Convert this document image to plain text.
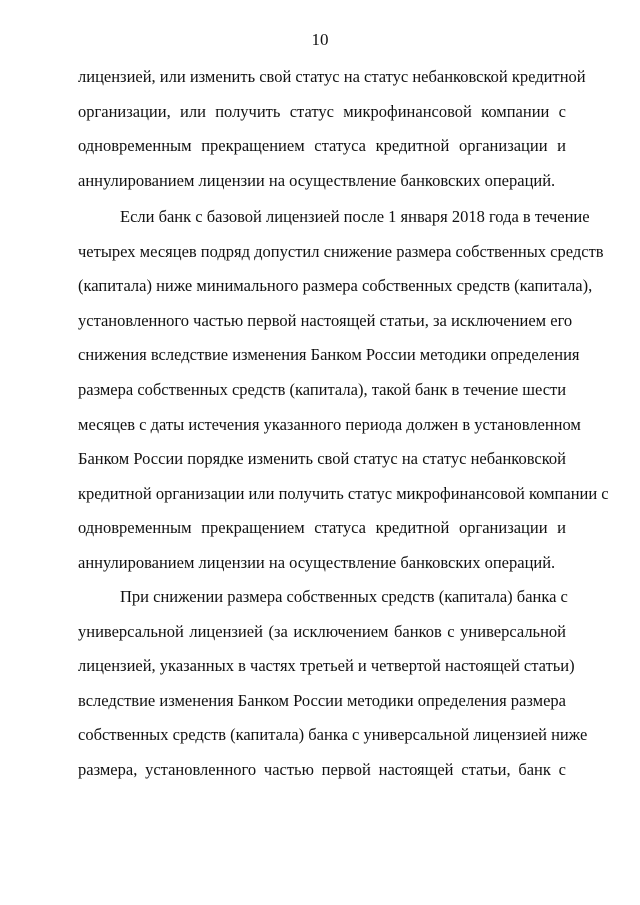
10
лицензией, или изменить свой статус на статус небанковской кредитной
организации, или получить статус микрофинансовой компании с
одновременным прекращением статуса кредитной организации и
аннулированием лицензии на осуществление банковских операций.
Если банк с базовой лицензией после 1 января 2018 года в течение
четырех месяцев подряд допустил снижение размера собственных средств
(капитала) ниже минимального размера собственных средств (капитала),
установленного частью первой настоящей статьи, за исключением его
снижения вследствие изменения Банком России методики определения
размера собственных средств (капитала), такой банк в течение шести
месяцев с даты истечения указанного периода должен в установленном
Банком России порядке изменить свой статус на статус небанковской
кредитной организации или получить статус микрофинансовой компании с
одновременным прекращением статуса кредитной организации и
аннулированием лицензии на осуществление банковских операций.
При снижении размера собственных средств (капитала) банка с
универсальной лицензией (за исключением банков с универсальной
лицензией, указанных в частях третьей и четвертой настоящей статьи)
вследствие изменения Банком России методики определения размера
собственных средств (капитала) банка с универсальной лицензией ниже
размера, установленного частью первой настоящей статьи, банк с
